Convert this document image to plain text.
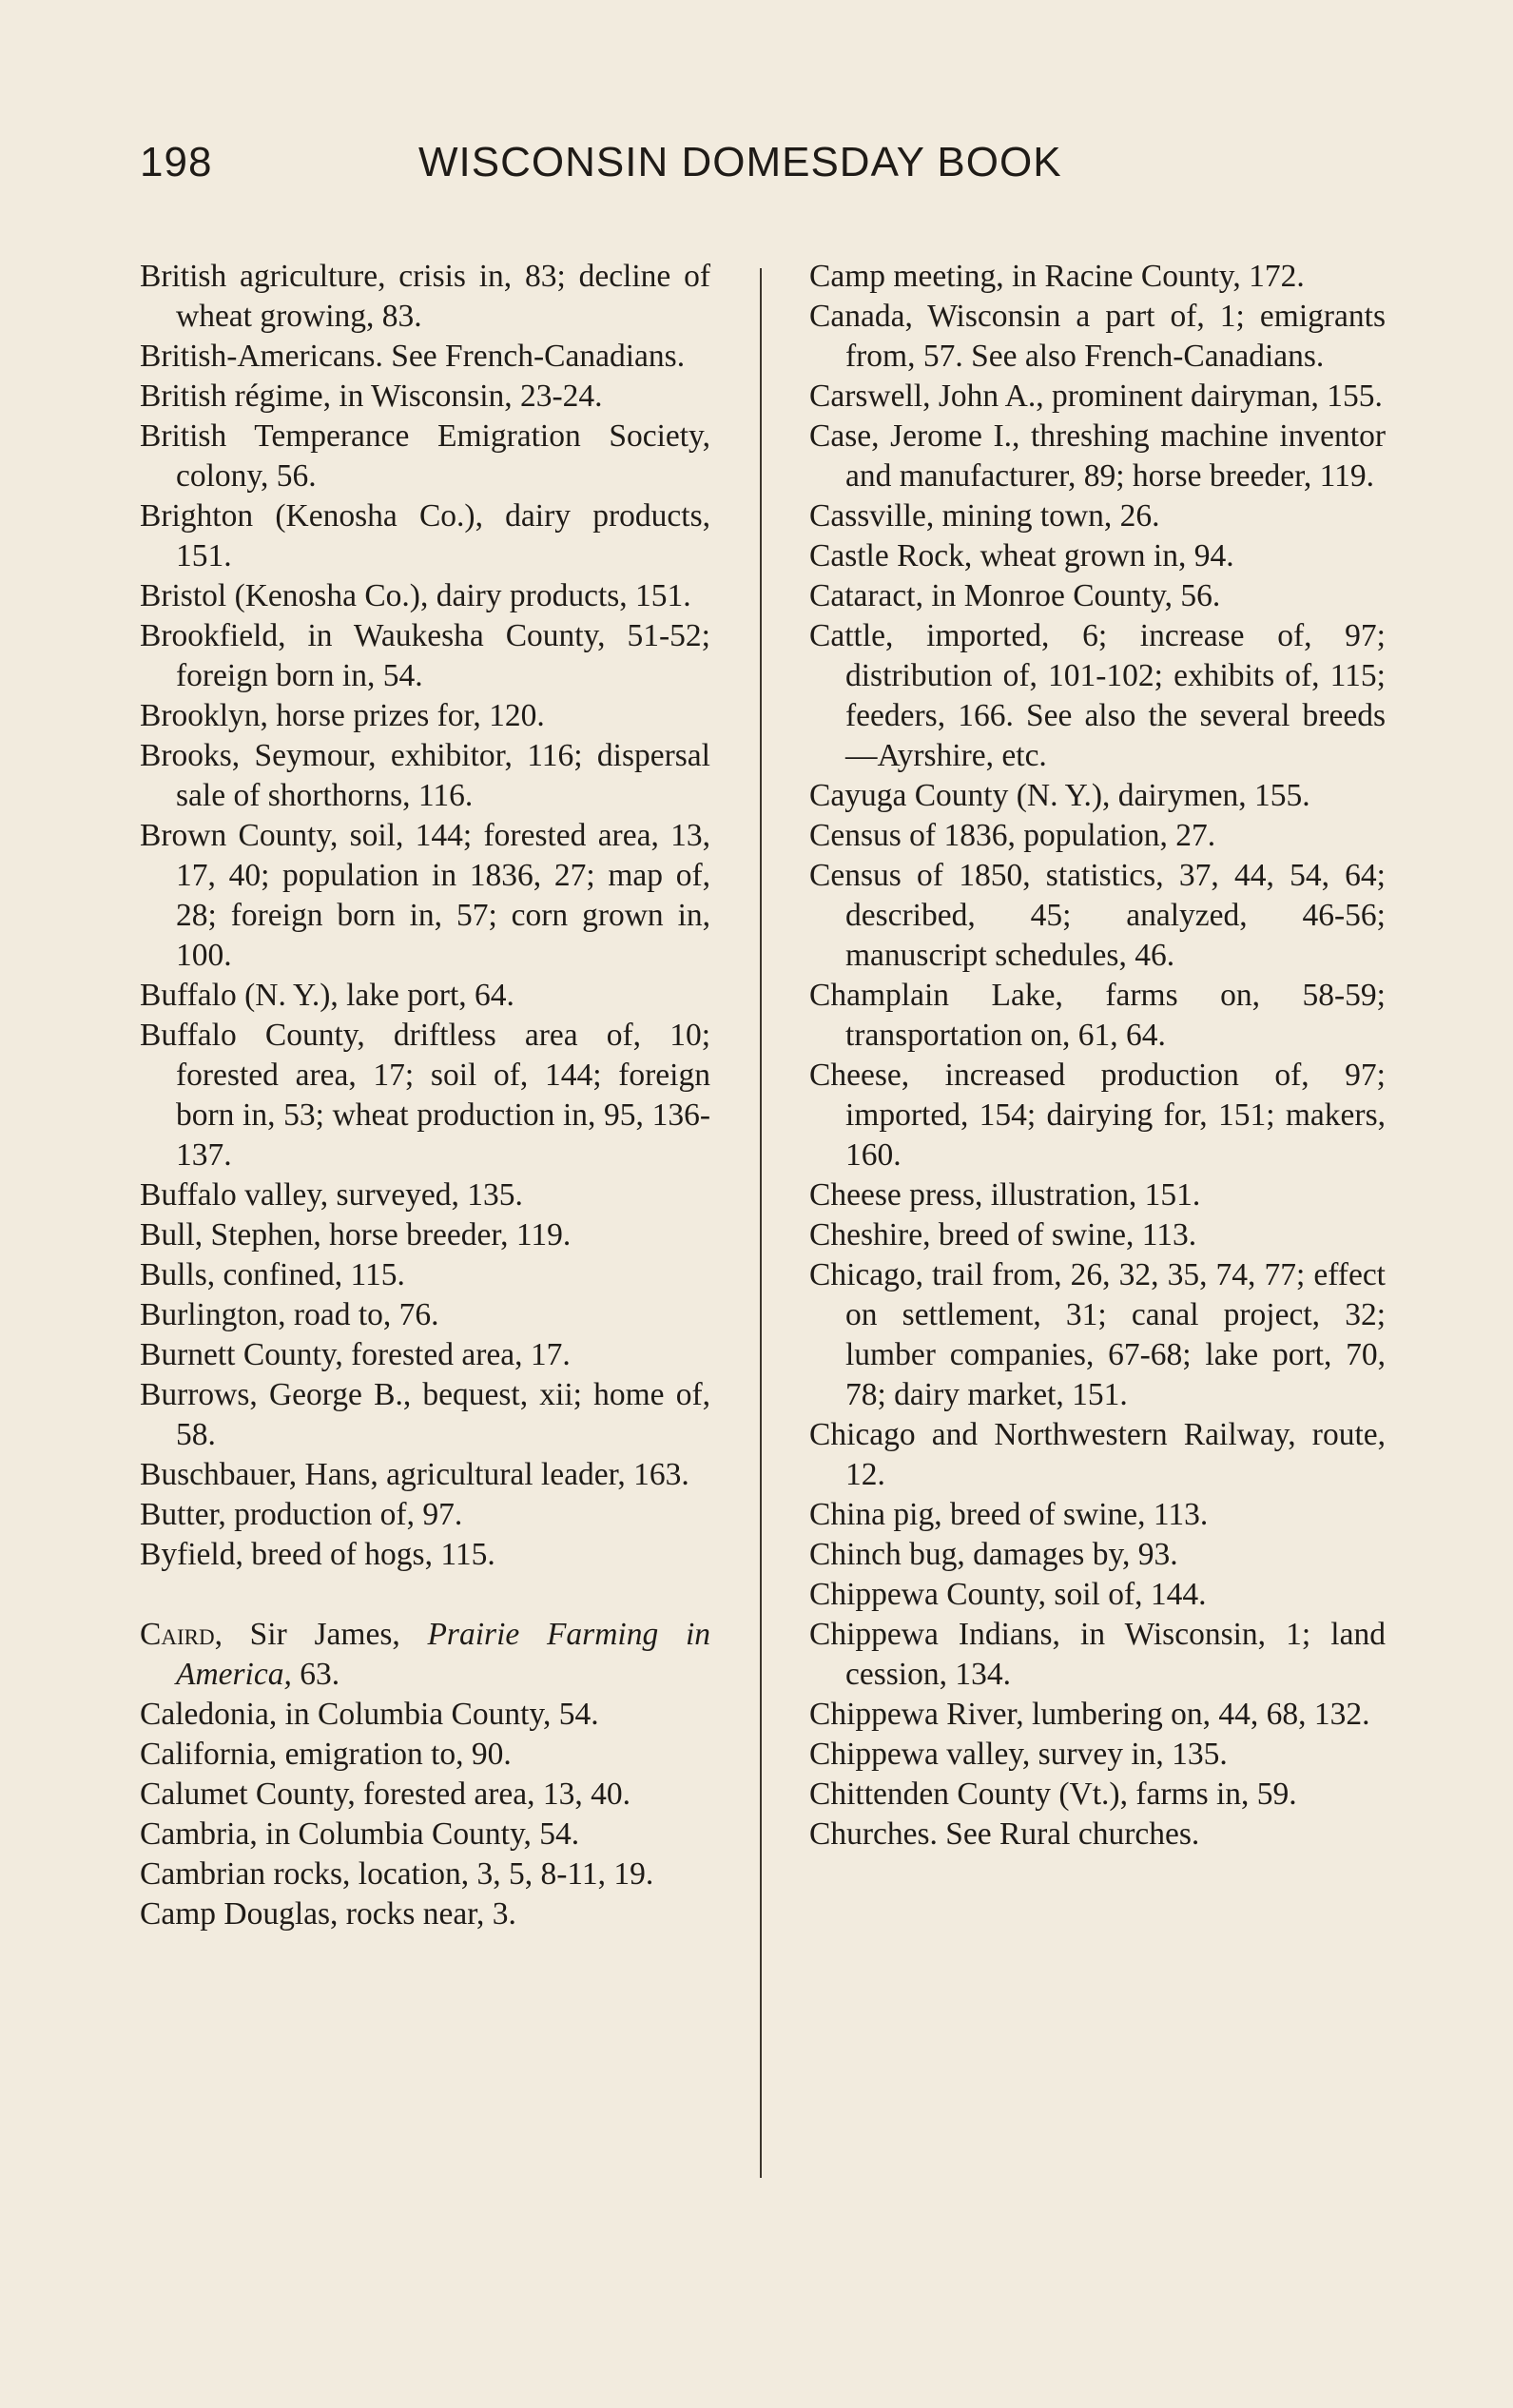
198	WISCONSIN DOMESDAY BOOK

British agriculture, crisis in, 83; decline of wheat growing, 83.

British-Americans. See French-Canadians.

British régime, in Wisconsin, 23-24.

British Temperance Emigration Society, colony, 56.

Brighton (Kenosha Co.), dairy products, 151.

Bristol (Kenosha Co.), dairy products, 151.

Brookfield, in Waukesha County, 51-52; foreign born in, 54.

Brooklyn, horse prizes for, 120.

Brooks, Seymour, exhibitor, 116; dispersal sale of shorthorns, 116.

Brown County, soil, 144; forested area, 13, 17, 40; population in 1836, 27; map of, 28; foreign born in, 57; corn grown in, 100.

Buffalo (N. Y.), lake port, 64.

Buffalo County, driftless area of, 10; forested area, 17; soil of, 144; foreign born in, 53; wheat production in, 95, 136-137.

Buffalo valley, surveyed, 135.

Bull, Stephen, horse breeder, 119.

Bulls, confined, 115.

Burlington, road to, 76.

Burnett County, forested area, 17.

Burrows, George B., bequest, xii; home of, 58.

Buschbauer, Hans, agricultural leader, 163.

Butter, production of, 97.

Byfield, breed of hogs, 115.

Caird, Sir James, Prairie Farming in America, 63.

Caledonia, in Columbia County, 54.

California, emigration to, 90.

Calumet County, forested area, 13, 40.

Cambria, in Columbia County, 54.

Cambrian rocks, location, 3, 5, 8-11, 19.

Camp Douglas, rocks near, 3.

Camp meeting, in Racine County, 172.

Canada, Wisconsin a part of, 1; emigrants from, 57. See also French-Canadians.

Carswell, John A., prominent dairyman, 155.

Case, Jerome I., threshing machine inventor and manufacturer, 89; horse breeder, 119.

Cassville, mining town, 26.

Castle Rock, wheat grown in, 94.

Cataract, in Monroe County, 56.

Cattle, imported, 6; increase of, 97; distribution of, 101-102; exhibits of, 115; feeders, 166. See also the several breeds—Ayrshire, etc.

Cayuga County (N. Y.), dairymen, 155.

Census of 1836, population, 27.

Census of 1850, statistics, 37, 44, 54, 64; described, 45; analyzed, 46-56; manuscript schedules, 46.

Champlain Lake, farms on, 58-59; transportation on, 61, 64.

Cheese, increased production of, 97; imported, 154; dairying for, 151; makers, 160.

Cheese press, illustration, 151.

Cheshire, breed of swine, 113.

Chicago, trail from, 26, 32, 35, 74, 77; effect on settlement, 31; canal project, 32; lumber companies, 67-68; lake port, 70, 78; dairy market, 151.

Chicago and Northwestern Railway, route, 12.

China pig, breed of swine, 113.

Chinch bug, damages by, 93.

Chippewa County, soil of, 144.

Chippewa Indians, in Wisconsin, 1; land cession, 134.

Chippewa River, lumbering on, 44, 68, 132.

Chippewa valley, survey in, 135.

Chittenden County (Vt.), farms in, 59.

Churches. See Rural churches.
